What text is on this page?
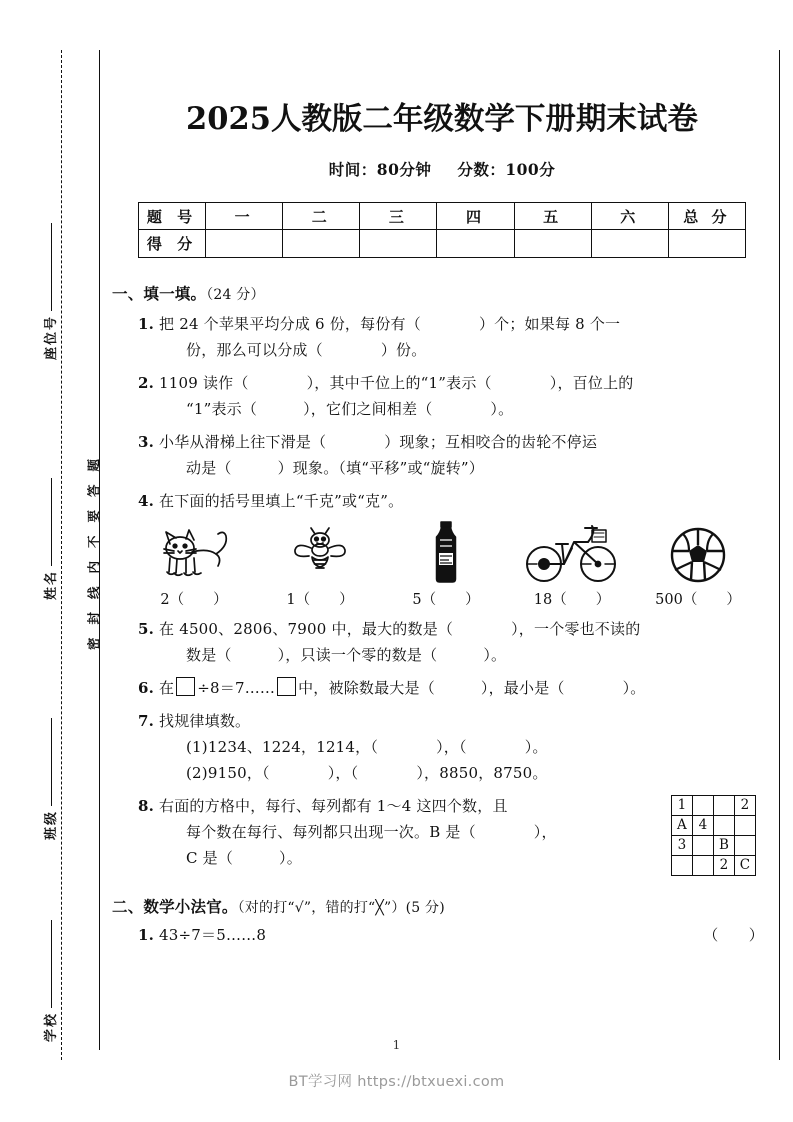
座位号
姓名
班级
学校
密封线内不要答题
2025人教版二年级数学下册期末试卷
时间：80分钟 分数：100分
题 号	一	二	三	四	五	六	总 分
得 分							
一、填一填。（24 分）
1. 把 24 个苹果平均分成 6 份，每份有（	）个；如果每 8 个一
份，那么可以分成（	）份。
2. 1109 读作（	），其中千位上的“1”表示（	），百位上的
“1”表示（	），它们之间相差（	）。
3. 小华从滑梯上往下滑是（	）现象；互相咬合的齿轮不停运
动是（	）现象。（填“平移”或“旋转”）
4. 在下面的括号里填上“千克”或“克”。
2（　　）	1（　　）	5（　　）	18（　　）	500（　　）
5. 在 4500、2806、7900 中，最大的数是（	），一个零也不读的
数是（	），只读一个零的数是（	）。
6. 在 ÷8＝7…… 中，被除数最大是（	），最小是（	）。
7. 找规律填数。
(1)1234、1224，1214，（	），（	）。
(2)9150，（	），（	），8850，8750。
1			2
A	4		
3		B	
		2	C
8. 右面的方格中，每行、每列都有 1～4 这四个数，且
每个数在每行、每列都只出现一次。B 是（	），
C 是（	）。
二、数学小法官。（对的打“√”，错的打“╳”）(5 分)
1. 43÷7＝5……8	（　　）
1
BT学习网 https://btxuexi.com
